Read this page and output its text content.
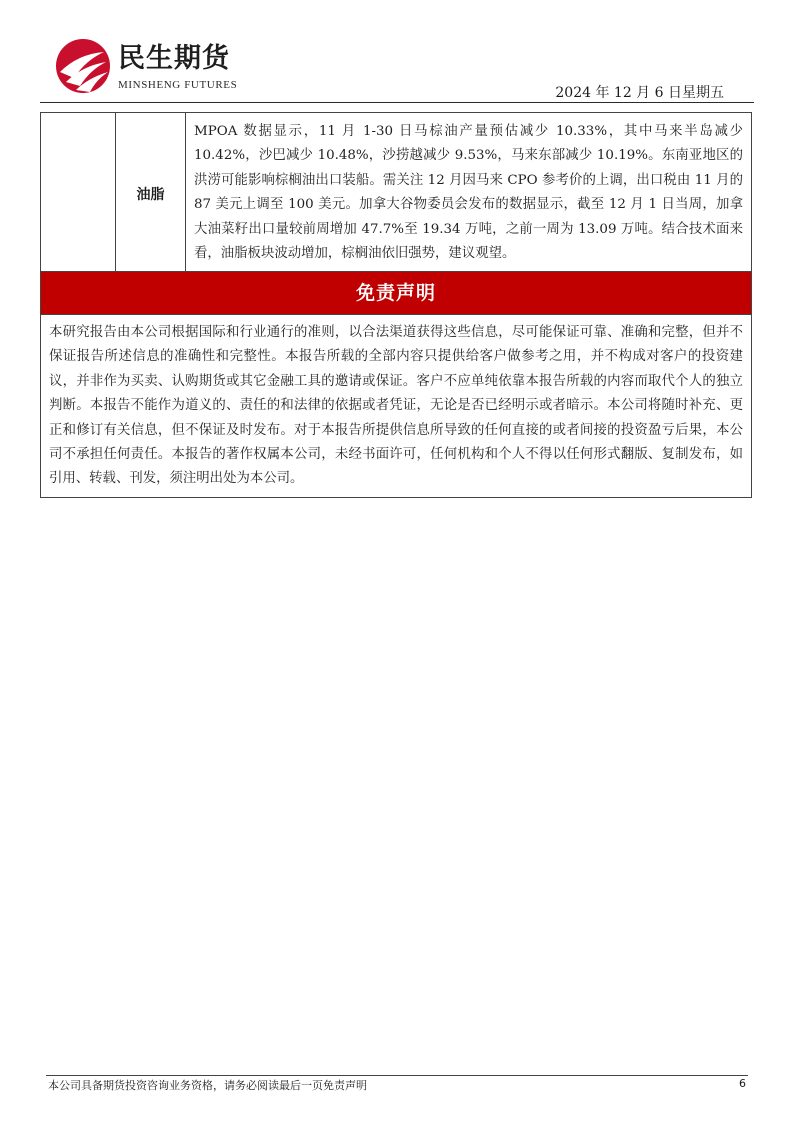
民生期货
MINSHENG FUTURES	2024 年 12 月 6 日星期五
	油脂	MPOA 数据显示，11 月 1-30 日马棕油产量预估减少 10.33%，其中马来半岛减少 10.42%，沙巴减少 10.48%，沙捞越减少 9.53%，马来东部减少 10.19%。东南亚地区的洪涝可能影响棕榈油出口装船。需关注 12 月因马来 CPO 参考价的上调，出口税由 11 月的 87 美元上调至 100 美元。加拿大谷物委员会发布的数据显示，截至 12 月 1 日当周，加拿大油菜籽出口量较前周增加 47.7%至 19.34 万吨，之前一周为 13.09 万吨。结合技术面来看，油脂板块波动增加，棕榈油依旧强势，建议观望。
免责声明
本研究报告由本公司根据国际和行业通行的准则，以合法渠道获得这些信息，尽可能保证可靠、准确和完整，但并不保证报告所述信息的准确性和完整性。本报告所载的全部内容只提供给客户做参考之用，并不构成对客户的投资建议，并非作为买卖、认购期货或其它金融工具的邀请或保证。客户不应单纯依靠本报告所载的内容而取代个人的独立判断。本报告不能作为道义的、责任的和法律的依据或者凭证，无论是否已经明示或者暗示。本公司将随时补充、更正和修订有关信息，但不保证及时发布。对于本报告所提供信息所导致的任何直接的或者间接的投资盈亏后果，本公司不承担任何责任。本报告的著作权属本公司，未经书面许可，任何机构和个人不得以任何形式翻版、复制发布，如引用、转载、刊发，须注明出处为本公司。
本公司具备期货投资咨询业务资格，请务必阅读最后一页免责声明	6
